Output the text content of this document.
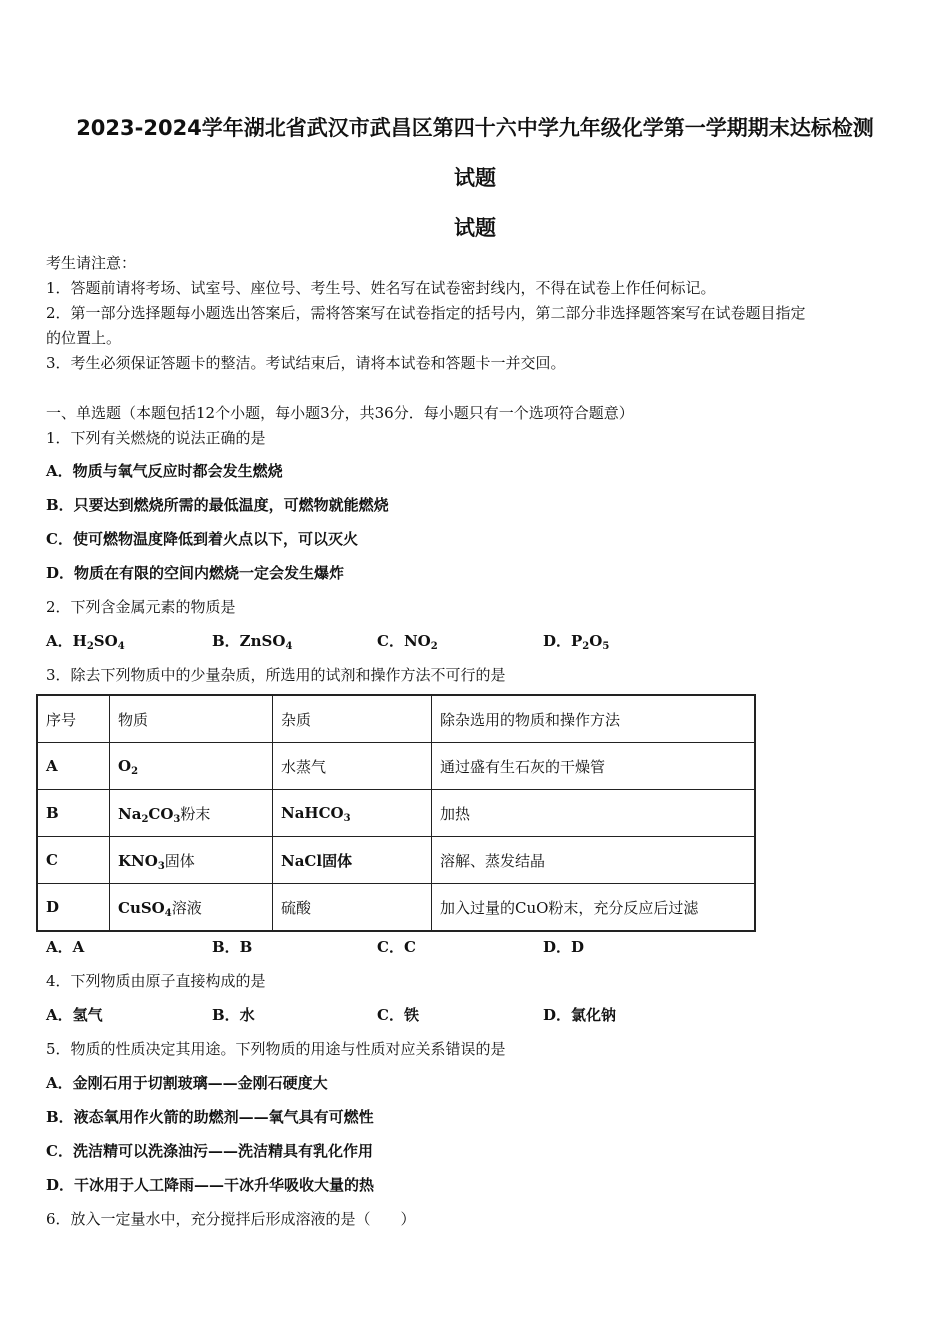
2023-2024学年湖北省武汉市武昌区第四十六中学九年级化学第一学期期末达标检测
试题
试题
考生请注意：
1．答题前请将考场、试室号、座位号、考生号、姓名写在试卷密封线内，不得在试卷上作任何标记。
2．第一部分选择题每小题选出答案后，需将答案写在试卷指定的括号内，第二部分非选择题答案写在试卷题目指定
的位置上。
3．考生必须保证答题卡的整洁。考试结束后，请将本试卷和答题卡一并交回。
一、单选题（本题包括12个小题，每小题3分，共36分．每小题只有一个选项符合题意）
1．下列有关燃烧的说法正确的是
A．物质与氧气反应时都会发生燃烧
B．只要达到燃烧所需的最低温度，可燃物就能燃烧
C．使可燃物温度降低到着火点以下，可以灭火
D．物质在有限的空间内燃烧一定会发生爆炸
2．下列含金属元素的物质是
A．$H_2SO_4$	B．ZnSO$_4$	C．$NO_2$	D．$P_2O_5$
3．除去下列物质中的少量杂质，所选用的试剂和操作方法不可行的是
序号	物质	杂质	除杂选用的物质和操作方法
A	$O_2$	水蒸气	通过盛有生石灰的干燥管
B	$Na_2CO_3$粉末	NaHCO$_3$	加热
C	$KNO_3$固体	NaCl固体	溶解、蒸发结晶
D	CuSO$_4$溶液	硫酸	加入过量的CuO粉末，充分反应后过滤
A．A	B．B	C．C	D．D
4．下列物质由原子直接构成的是
A．氢气	B．水	C．铁	D．氯化钠
5．物质的性质决定其用途。下列物质的用途与性质对应关系错误的是
A．金刚石用于切割玻璃——金刚石硬度大
B．液态氧用作火箭的助燃剂——氧气具有可燃性
C．洗洁精可以洗涤油污——洗洁精具有乳化作用
D．干冰用于人工降雨——干冰升华吸收大量的热
6．放入一定量水中，充分搅拌后形成溶液的是（　　）
